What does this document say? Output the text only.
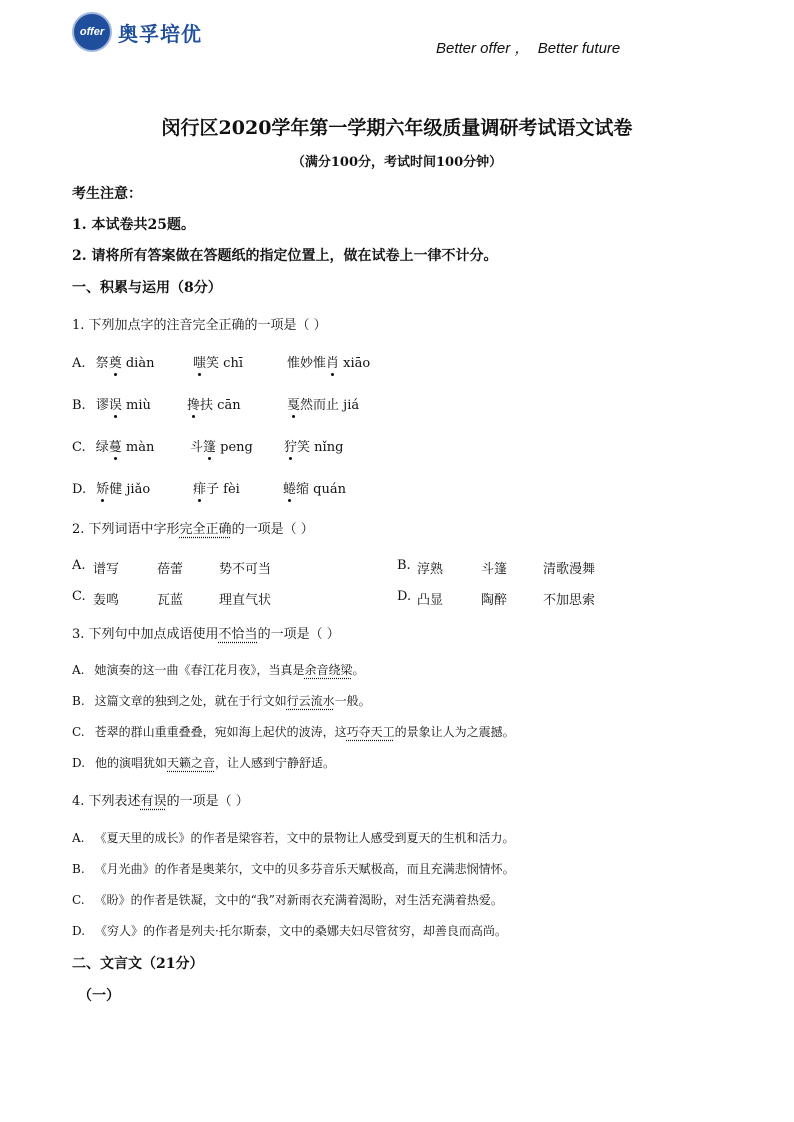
offer 奥孚培优
Better offer ，  Better future
闵行区2020学年第一学期六年级质量调研考试语文试卷
（满分100分，考试时间100分钟）
考生注意：
1. 本试卷共25题。
2. 请将所有答案做在答题纸的指定位置上，做在试卷上一律不计分。
一、积累与运用（8分）
1. 下列加点字的注音完全正确的一项是（ ）
A. 祭奠 diàn	嗤笑 chī	惟妙惟肖 xiāo
B. 谬误 miù	搀扶 cān	戛然而止 jiá
C. 绿蔓 màn	斗篷 peng 狞笑 nǐng
D. 矫健 jiǎo	痱子 fèi	蜷缩 quán
2. 下列词语中字形完全正确的一项是（ ）
A. 谱写	蓓蕾	势不可当	B. 淳熟	斗篷	清歌漫舞
C. 轰鸣	瓦蓝	理直气状	D. 凸显	陶醉	不加思索
3. 下列句中加点成语使用不恰当的一项是（ ）
A. 她演奏的这一曲《春江花月夜》，当真是余音绕梁。
B. 这篇文章的独到之处，就在于行文如行云流水一般。
C. 苍翠的群山重重叠叠，宛如海上起伏的波涛，这巧夺天工的景象让人为之震撼。
D. 他的演唱犹如天籁之音，让人感到宁静舒适。
4. 下列表述有误的一项是（ ）
A. 《夏天里的成长》的作者是梁容若，文中的景物让人感受到夏天的生机和活力。
B. 《月光曲》的作者是奥莱尔，文中的贝多芬音乐天赋极高，而且充满悲悯情怀。
C. 《盼》的作者是铁凝，文中的“我”对新雨衣充满着渴盼，对生活充满着热爱。
D. 《穷人》的作者是列夫·托尔斯泰，文中的桑娜夫妇尽管贫穷，却善良而高尚。
二、文言文（21分）
（一）
